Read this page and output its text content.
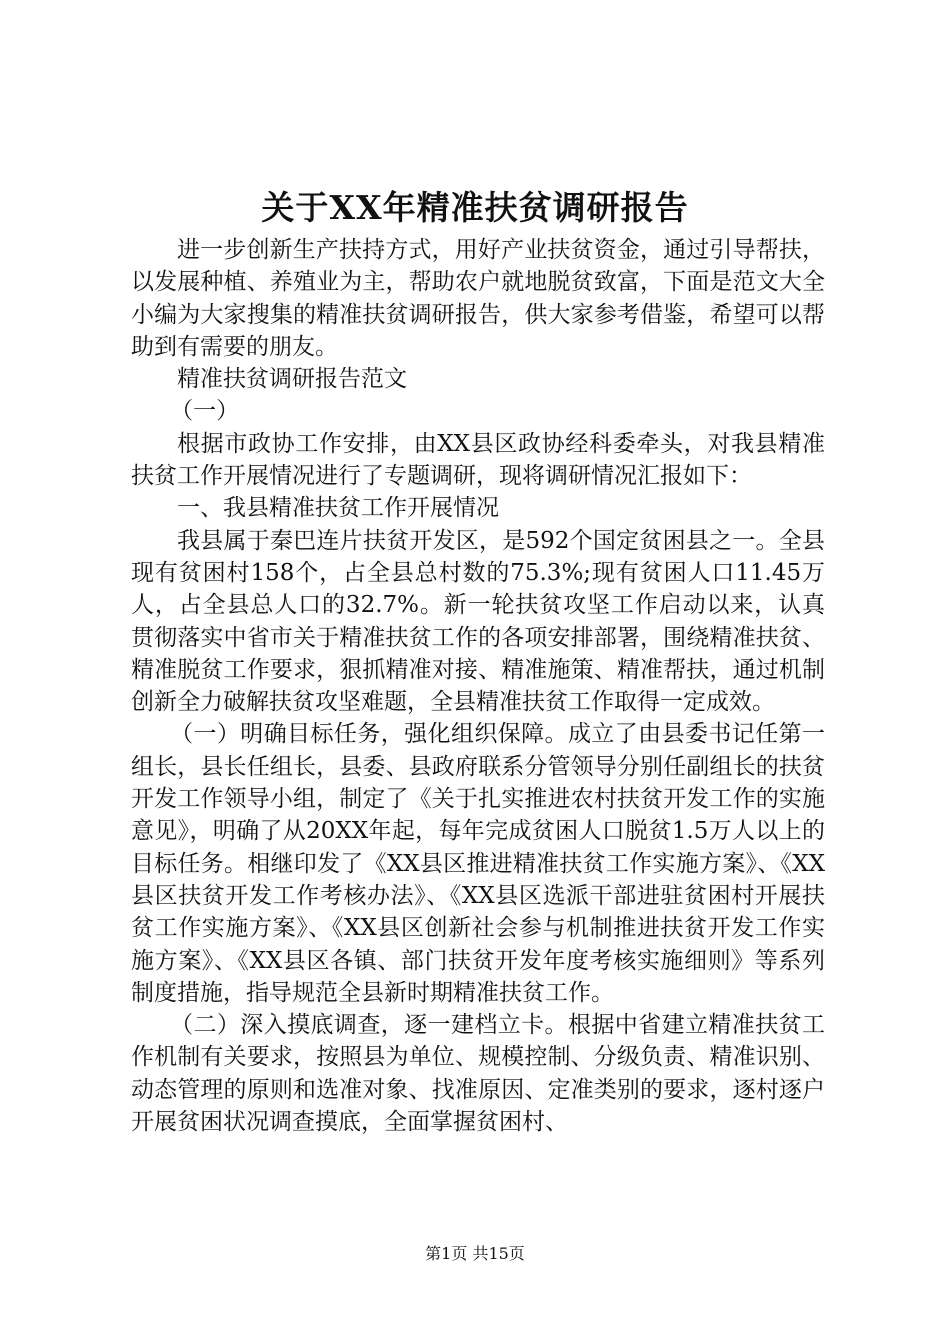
关于XX年精准扶贫调研报告

进一步创新生产扶持方式，用好产业扶贫资金，通过引导帮扶，以发展种植、养殖业为主，帮助农户就地脱贫致富，下面是范文大全小编为大家搜集的精准扶贫调研报告，供大家参考借鉴，希望可以帮助到有需要的朋友。

精准扶贫调研报告范文

（一）

根据市政协工作安排，由XX县区政协经科委牵头，对我县精准扶贫工作开展情况进行了专题调研，现将调研情况汇报如下：

一、我县精准扶贫工作开展情况

我县属于秦巴连片扶贫开发区，是592个国定贫困县之一。全县现有贫困村158个，占全县总村数的75.3%;现有贫困人口11.45万人，占全县总人口的32.7%。新一轮扶贫攻坚工作启动以来，认真贯彻落实中省市关于精准扶贫工作的各项安排部署，围绕精准扶贫、精准脱贫工作要求，狠抓精准对接、精准施策、精准帮扶，通过机制创新全力破解扶贫攻坚难题，全县精准扶贫工作取得一定成效。

（一）明确目标任务，强化组织保障。成立了由县委书记任第一组长，县长任组长，县委、县政府联系分管领导分别任副组长的扶贫开发工作领导小组，制定了《关于扎实推进农村扶贫开发工作的实施意见》，明确了从20XX年起，每年完成贫困人口脱贫1.5万人以上的目标任务。相继印发了《XX县区推进精准扶贫工作实施方案》、《XX县区扶贫开发工作考核办法》、《XX县区选派干部进驻贫困村开展扶贫工作实施方案》、《XX县区创新社会参与机制推进扶贫开发工作实施方案》、《XX县区各镇、部门扶贫开发年度考核实施细则》等系列制度措施，指导规范全县新时期精准扶贫工作。

（二）深入摸底调查，逐一建档立卡。根据中省建立精准扶贫工作机制有关要求，按照县为单位、规模控制、分级负责、精准识别、动态管理的原则和选准对象、找准原因、定准类别的要求，逐村逐户开展贫困状况调查摸底，全面掌握贫困村、

第1页 共15页
